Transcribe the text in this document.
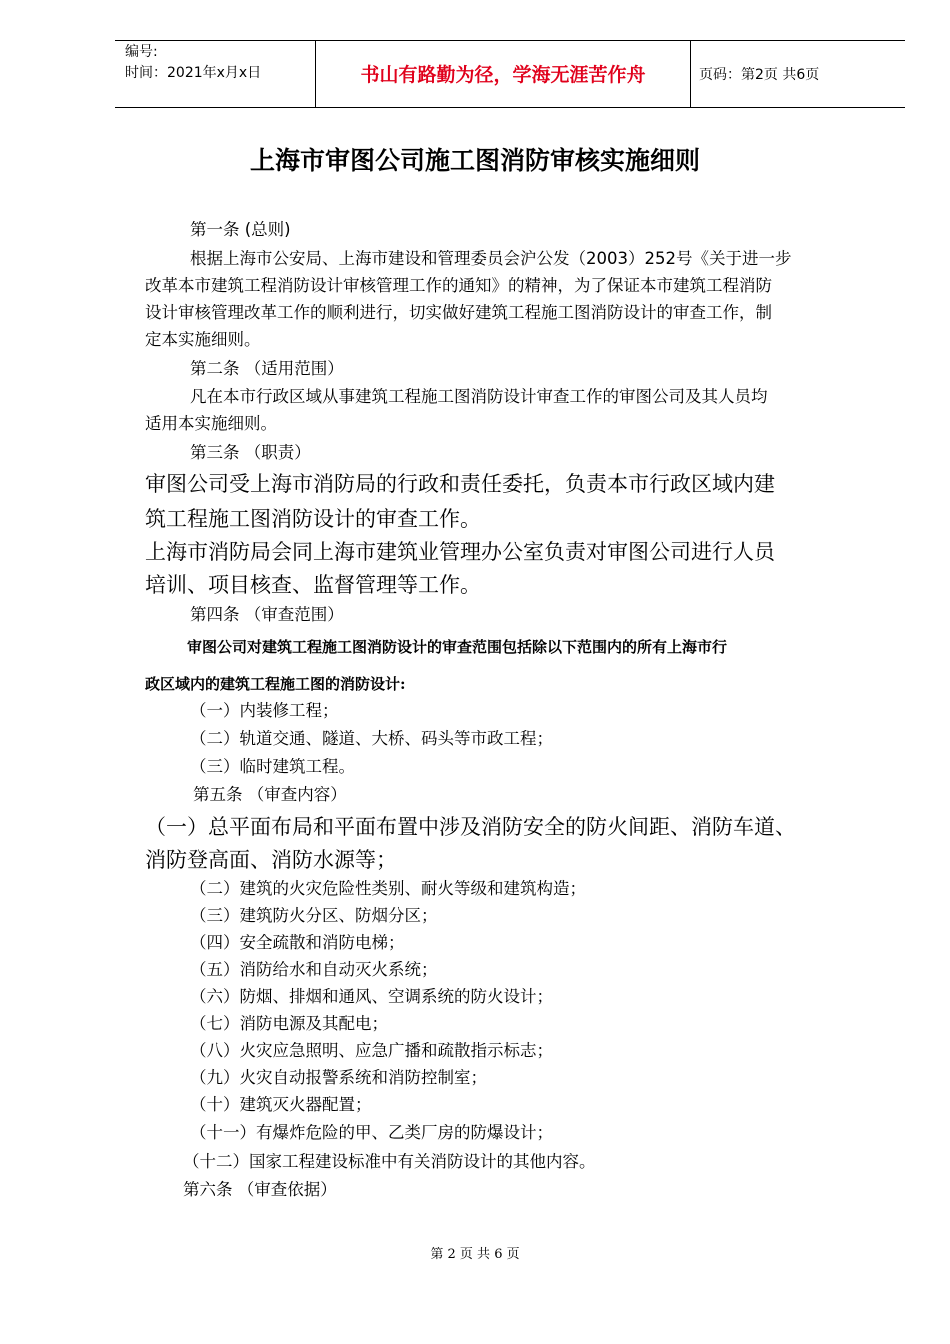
编号:
时间：2021年x月x日	书山有路勤为径，学海无涯苦作舟	页码：第2页 共6页
上海市审图公司施工图消防审核实施细则
第一条 (总则)
根据上海市公安局、上海市建设和管理委员会沪公发（2003）252号《关于进一步
改革本市建筑工程消防设计审核管理工作的通知》的精神，为了保证本市建筑工程消防
设计审核管理改革工作的顺利进行，切实做好建筑工程施工图消防设计的审查工作，制
定本实施细则。
第二条 （适用范围）
凡在本市行政区域从事建筑工程施工图消防设计审查工作的审图公司及其人员均
适用本实施细则。
第三条 （职责）
审图公司受上海市消防局的行政和责任委托，负责本市行政区域内建
筑工程施工图消防设计的审查工作。
上海市消防局会同上海市建筑业管理办公室负责对审图公司进行人员
培训、项目核查、监督管理等工作。
第四条 （审查范围）
审图公司对建筑工程施工图消防设计的审查范围包括除以下范围内的所有上海市行
政区域内的建筑工程施工图的消防设计:
（一）内装修工程；
（二）轨道交通、隧道、大桥、码头等市政工程；
（三）临时建筑工程。
第五条 （审查内容）
（一）总平面布局和平面布置中涉及消防安全的防火间距、消防车道、
消防登高面、消防水源等；
（二）建筑的火灾危险性类别、耐火等级和建筑构造；
（三）建筑防火分区、防烟分区；
（四）安全疏散和消防电梯；
（五）消防给水和自动灭火系统；
（六）防烟、排烟和通风、空调系统的防火设计；
（七）消防电源及其配电；
（八）火灾应急照明、应急广播和疏散指示标志；
（九）火灾自动报警系统和消防控制室；
（十）建筑灭火器配置；
（十一）有爆炸危险的甲、乙类厂房的防爆设计；
（十二）国家工程建设标准中有关消防设计的其他内容。
第六条 （审查依据）
第 2 页 共 6 页
